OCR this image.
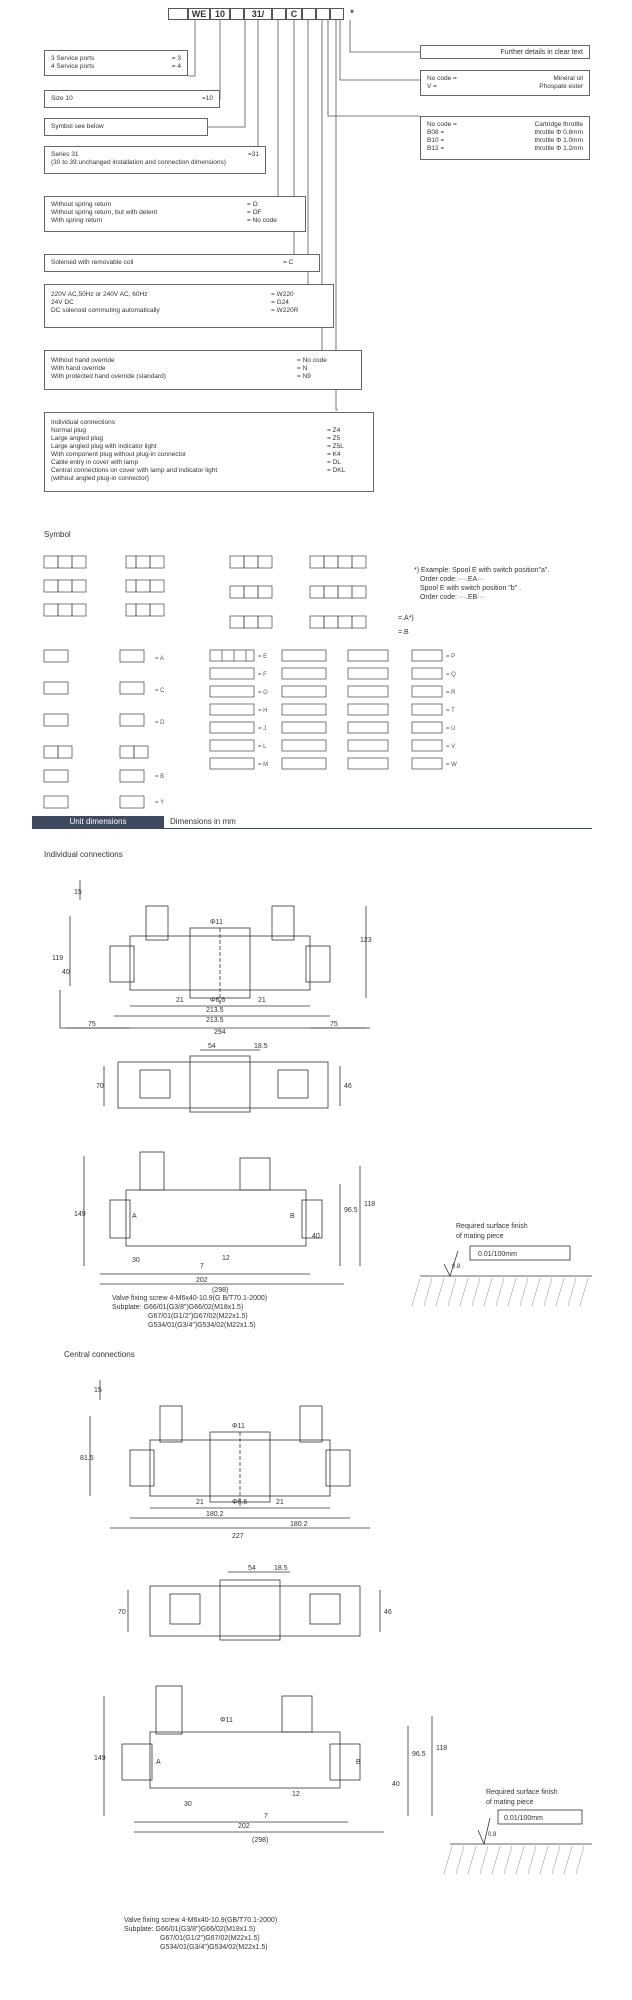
WE 10	31/	C	*
3 Service ports	= 3
4 Service ports	= 4
Size 10	=10
Symbol see below
Series 31	=31
(30 to 39:unchanged installation and connection dimensions)
Without spring return	= O
Without spring return, but with detent	= OF
With spring return	= No code
Solenoid with removable coil	= C
220V AC,50Hz or 240V AC, 60Hz	= W220
24V DC	= G24
DC solenoid commuting automatically	= W220R
Without hand override	= No code
With hand override	= N
With protected hand override (standard)	= N9
Individual connections
Normal plug	= Z4
Large angled plug	= Z5
Large angled plug with indicator light	= Z5L
With component plug without plug-in connector	= K4
Cable entry in cover with lamp	= DL
Central connections on cover with lamp and indicator light	= DKL
(without angled plug-in connector)
Further details in clear text
No code =	Mineral oil
V =	Phospate ester
No code =	Cartridge throttle
B08 =	throttle Φ 0.8mm
B10 =	throttle Φ 1.0mm
B12 =	throttle Φ 1.2mm
Symbol
= A
= C
= D
= B
= Y
= E
= F
= G
= H
= J
= L
= M
= P
= Q
= R
= T
= U
= V
= W
=.A*)
=.B
*) Example: Spool E with switch position"a".
Order code: ···.EA···
Spool E with switch position "b" .
Order code: ···.EB···
Unit dimensions	Dimensions in mm
Individual connections
15
119
40
123
Φ11
Φ6.6
21	21
213.5
213.5
75	75
294
54	18.5
70	46
149
118
96.5
30
40
12
7
202
(298)
A	B
0.01/100mm
0.8
Required surface finish
of mating piece
Valve fixing screw 4-M6x40-10.9(G B/T70.1-2000)
Subplate: G66/01(G3/8")G66/02(M18x1.5)
G67/01(G1/2")G67/02(M22x1.5)
G534/01(G3/4")G534/02(M22x1.5)
Central connections
15
81.5
Φ11
Φ6.6
21	21
180.2
180.2
227
54	18.5
70	46
149
118
96.5
30
40
12
7
202
(298)
Φ11
A	B
0.01/100mm
0.8
Required surface finish
of mating piece
Valve fixing screw 4-M6x40-10.9(GB/T70.1-2000)
Subplate: G66/01(G3/8")G66/02(M18x1.5)
G67/01(G1/2")G67/02(M22x1.5)
G534/01(G3/4")G534/02(M22x1.5)
